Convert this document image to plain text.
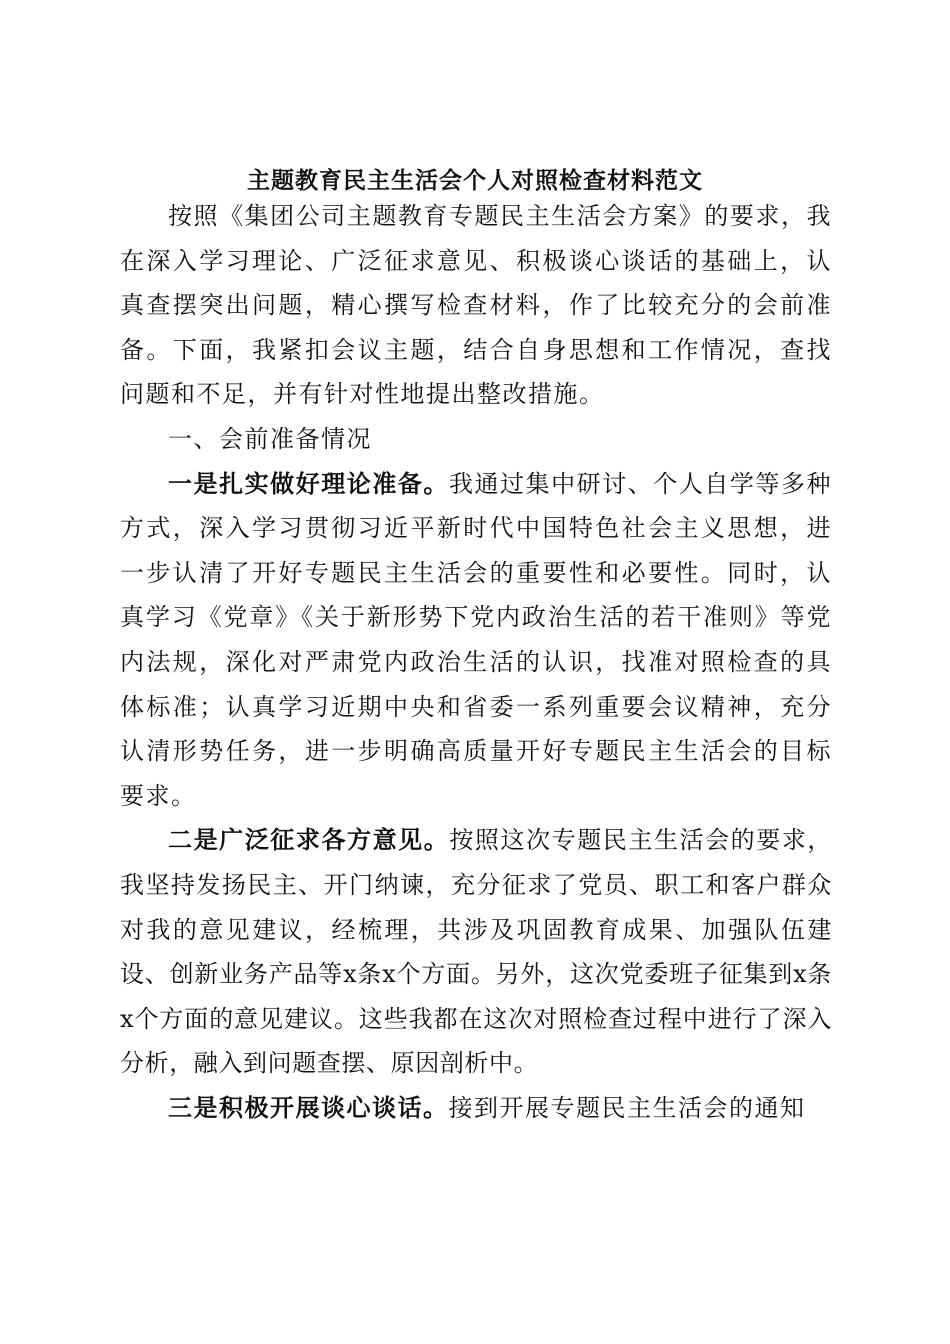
主题教育民主生活会个人对照检查材料范文

按照《集团公司主题教育专题民主生活会方案》的要求，我在深入学习理论、广泛征求意见、积极谈心谈话的基础上，认真查摆突出问题，精心撰写检查材料，作了比较充分的会前准备。下面，我紧扣会议主题，结合自身思想和工作情况，查找问题和不足，并有针对性地提出整改措施。

一、会前准备情况

一是扎实做好理论准备。我通过集中研讨、个人自学等多种方式，深入学习贯彻习近平新时代中国特色社会主义思想，进一步认清了开好专题民主生活会的重要性和必要性。同时，认真学习《党章》《关于新形势下党内政治生活的若干准则》等党内法规，深化对严肃党内政治生活的认识，找准对照检查的具体标准；认真学习近期中央和省委一系列重要会议精神，充分认清形势任务，进一步明确高质量开好专题民主生活会的目标要求。

二是广泛征求各方意见。按照这次专题民主生活会的要求，我坚持发扬民主、开门纳谏，充分征求了党员、职工和客户群众对我的意见建议，经梳理，共涉及巩固教育成果、加强队伍建设、创新业务产品等x条x个方面。另外，这次党委班子征集到x条x个方面的意见建议。这些我都在这次对照检查过程中进行了深入分析，融入到问题查摆、原因剖析中。

三是积极开展谈心谈话。接到开展专题民主生活会的通知
